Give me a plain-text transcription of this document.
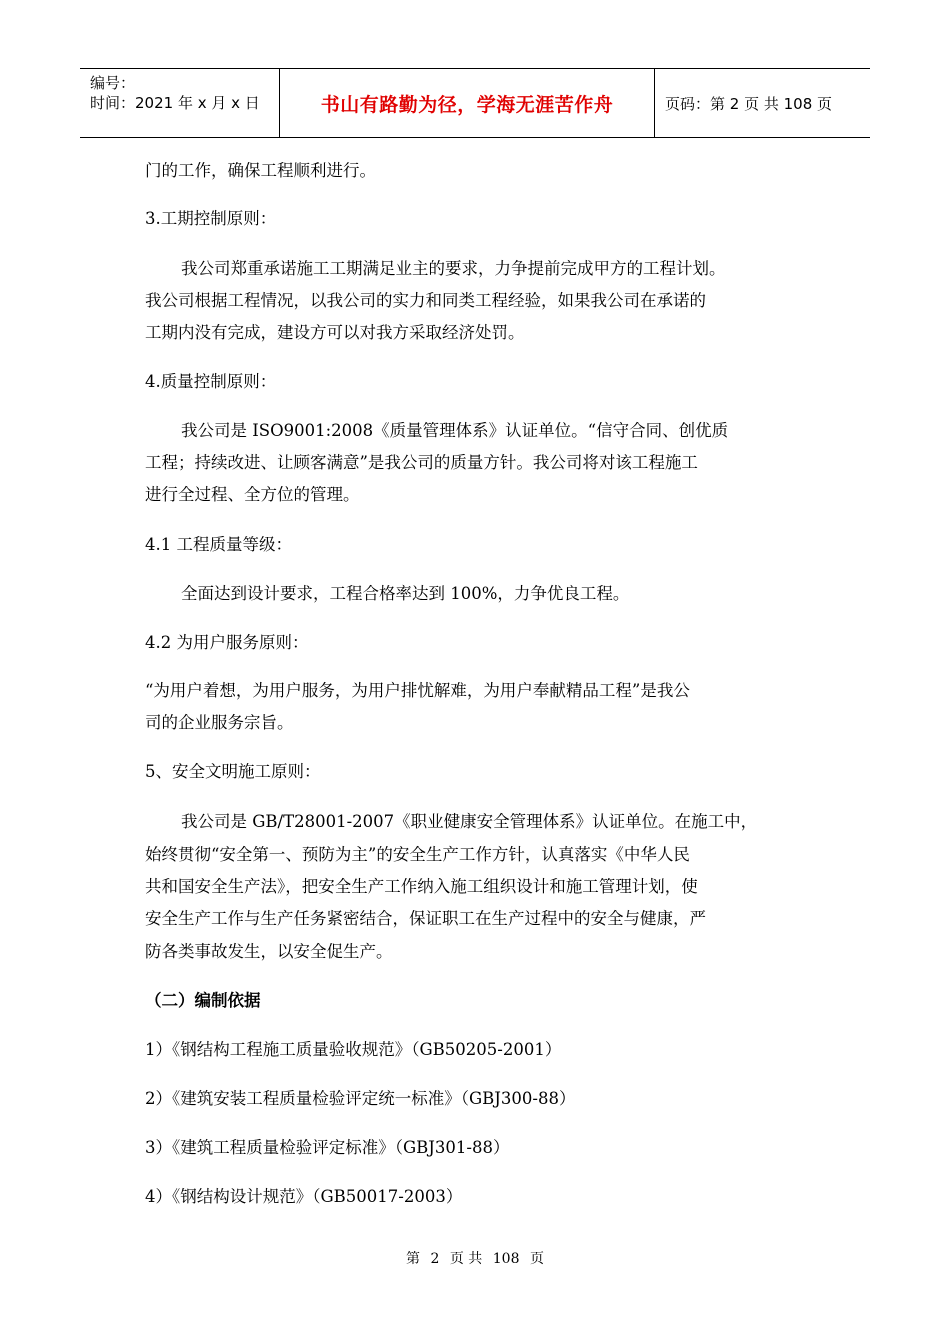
编号：
时间：2021 年 x 月 x 日	书山有路勤为径，学海无涯苦作舟	页码：第 2 页 共 108 页
门的工作，确保工程顺利进行。
3.工期控制原则：
我公司郑重承诺施工工期满足业主的要求，力争提前完成甲方的工程计划。
我公司根据工程情况，以我公司的实力和同类工程经验，如果我公司在承诺的
工期内没有完成，建设方可以对我方采取经济处罚。
4.质量控制原则：
我公司是 ISO9001:2008《质量管理体系》认证单位。“信守合同、创优质
工程；持续改进、让顾客满意”是我公司的质量方针。我公司将对该工程施工
进行全过程、全方位的管理。
4.1 工程质量等级：
全面达到设计要求，工程合格率达到 100%，力争优良工程。
4.2 为用户服务原则：
“为用户着想，为用户服务，为用户排忧解难，为用户奉献精品工程”是我公
司的企业服务宗旨。
5、安全文明施工原则：
我公司是 GB/T28001-2007《职业健康安全管理体系》认证单位。在施工中，
始终贯彻“安全第一、预防为主”的安全生产工作方针，认真落实《中华人民
共和国安全生产法》，把安全生产工作纳入施工组织设计和施工管理计划，使
安全生产工作与生产任务紧密结合，保证职工在生产过程中的安全与健康，严
防各类事故发生，以安全促生产。
（二）编制依据
1）《钢结构工程施工质量验收规范》（GB50205-2001）
2）《建筑安装工程质量检验评定统一标准》（GBJ300-88）
3）《建筑工程质量检验评定标准》（GBJ301-88）
4）《钢结构设计规范》（GB50017-2003）
第 2 页 共 108 页
